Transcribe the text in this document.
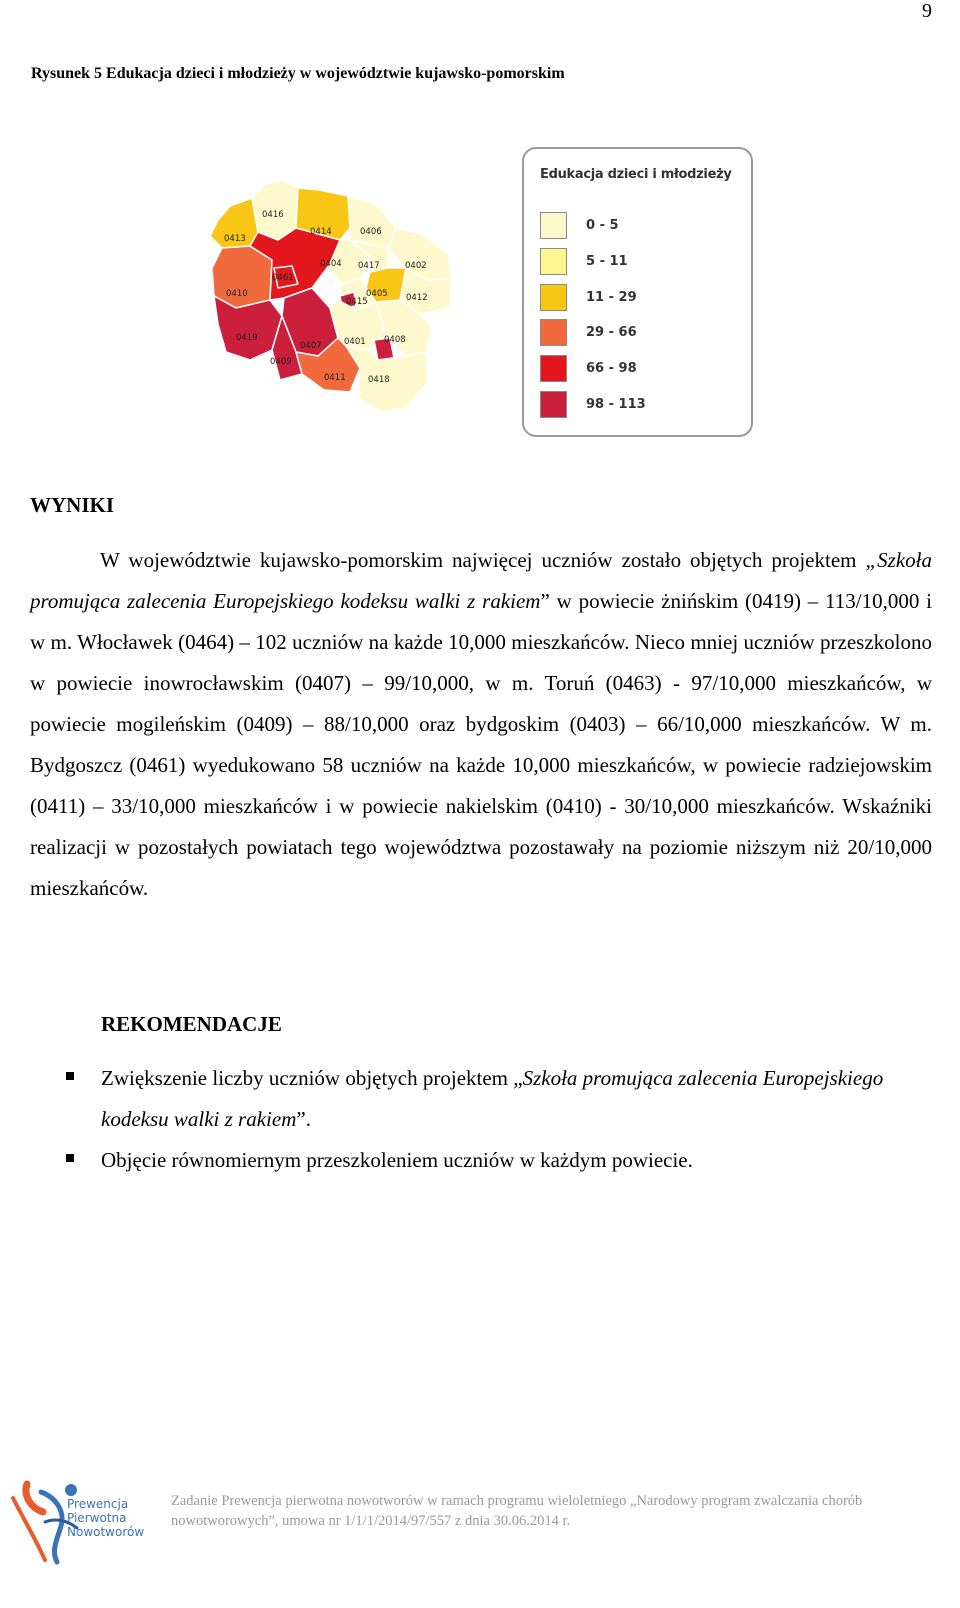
9
Rysunek 5 Edukacja dzieci i młodzieży w województwie kujawsko-pomorskim
0413
0416
0414	0406
0404 0417	0402
0461
0410	0405
0415	0412
0419
0407	0401 0408
0409
0411	0418
Edukacja dzieci i młodzieży
0 - 5
5 - 11
11 - 29
29 - 66
66 - 98
98 - 113
WYNIKI

W województwie kujawsko-pomorskim najwięcej uczniów zostało objętych projektem „Szkoła promująca zalecenia Europejskiego kodeksu walki z rakiem” w powiecie żnińskim (0419) – 113/10,000 i w m. Włocławek (0464) – 102 uczniów na każde 10,000 mieszkańców. Nieco mniej uczniów przeszkolono w powiecie inowrocławskim (0407) – 99/10,000, w m. Toruń (0463) - 97/10,000 mieszkańców, w powiecie mogileńskim (0409) – 88/10,000 oraz bydgoskim (0403) – 66/10,000 mieszkańców. W m. Bydgoszcz (0461) wyedukowano 58 uczniów na każde 10,000 mieszkańców, w powiecie radziejowskim (0411) – 33/10,000 mieszkańców i w powiecie nakielskim (0410) - 30/10,000 mieszkańców. Wskaźniki realizacji w pozostałych powiatach tego województwa pozostawały na poziomie niższym niż 20/10,000 mieszkańców.

REKOMENDACJE
Zwiększenie liczby uczniów objętych projektem „Szkoła promująca zalecenia Europejskiego kodeksu walki z rakiem”.
Objęcie równomiernym przeszkoleniem uczniów w każdym powiecie.
Prewencja
Pierwotna
Nowotworów
Zadanie Prewencja pierwotna nowotworów w ramach programu wieloletniego „Narodowy program zwalczania chorób
nowotworowych”, umowa nr 1/1/1/2014/97/557 z dnia 30.06.2014 r.
